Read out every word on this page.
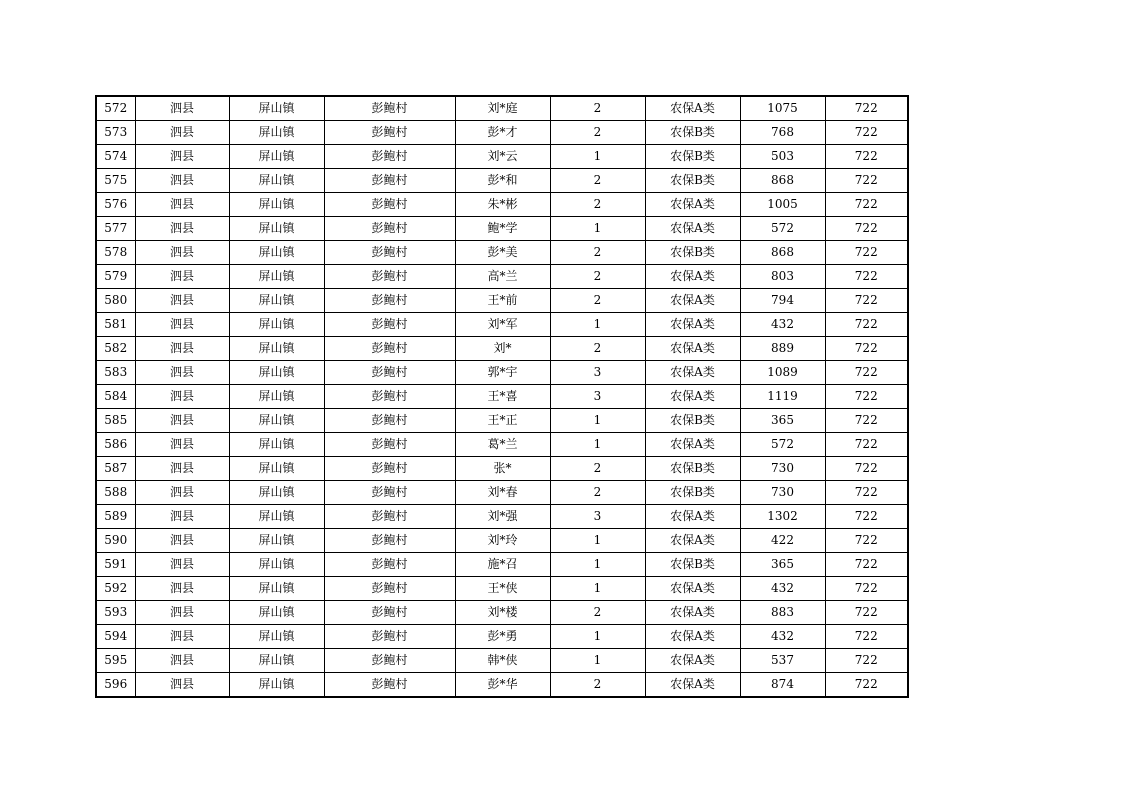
572	泗县	屏山镇	彭鲍村	刘*庭	2	农保A类	1075	722
573	泗县	屏山镇	彭鲍村	彭*才	2	农保B类	768	722
574	泗县	屏山镇	彭鲍村	刘*云	1	农保B类	503	722
575	泗县	屏山镇	彭鲍村	彭*和	2	农保B类	868	722
576	泗县	屏山镇	彭鲍村	朱*彬	2	农保A类	1005	722
577	泗县	屏山镇	彭鲍村	鲍*学	1	农保A类	572	722
578	泗县	屏山镇	彭鲍村	彭*美	2	农保B类	868	722
579	泗县	屏山镇	彭鲍村	高*兰	2	农保A类	803	722
580	泗县	屏山镇	彭鲍村	王*前	2	农保A类	794	722
581	泗县	屏山镇	彭鲍村	刘*军	1	农保A类	432	722
582	泗县	屏山镇	彭鲍村	刘*	2	农保A类	889	722
583	泗县	屏山镇	彭鲍村	郭*宇	3	农保A类	1089	722
584	泗县	屏山镇	彭鲍村	王*喜	3	农保A类	1119	722
585	泗县	屏山镇	彭鲍村	王*正	1	农保B类	365	722
586	泗县	屏山镇	彭鲍村	葛*兰	1	农保A类	572	722
587	泗县	屏山镇	彭鲍村	张*	2	农保B类	730	722
588	泗县	屏山镇	彭鲍村	刘*春	2	农保B类	730	722
589	泗县	屏山镇	彭鲍村	刘*强	3	农保A类	1302	722
590	泗县	屏山镇	彭鲍村	刘*玲	1	农保A类	422	722
591	泗县	屏山镇	彭鲍村	施*召	1	农保B类	365	722
592	泗县	屏山镇	彭鲍村	王*侠	1	农保A类	432	722
593	泗县	屏山镇	彭鲍村	刘*楼	2	农保A类	883	722
594	泗县	屏山镇	彭鲍村	彭*勇	1	农保A类	432	722
595	泗县	屏山镇	彭鲍村	韩*侠	1	农保A类	537	722
596	泗县	屏山镇	彭鲍村	彭*华	2	农保A类	874	722
